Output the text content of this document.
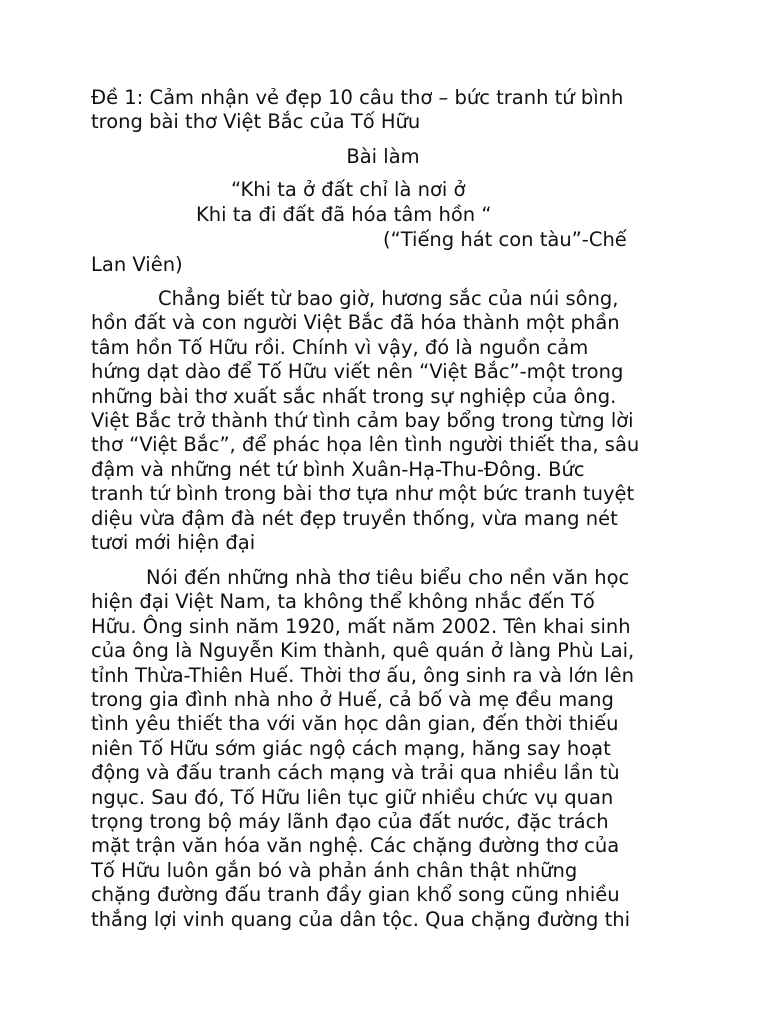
Đề 1: Cảm nhận vẻ đẹp 10 câu thơ – bức tranh tứ bình
trong bài thơ Việt Bắc của Tố Hữu
Bài làm
“Khi ta ở đất chỉ là nơi ở
Khi ta đi đất đã hóa tâm hồn “
(“Tiếng hát con tàu”-Chế
Lan Viên)
Chẳng biết từ bao giờ, hương sắc của núi sông,
hồn đất và con người Việt Bắc đã hóa thành một phần
tâm hồn Tố Hữu rồi. Chính vì vậy, đó là nguồn cảm
hứng dạt dào để Tố Hữu viết nên “Việt Bắc”-một trong
những bài thơ xuất sắc nhất trong sự nghiệp của ông.
Việt Bắc trở thành thứ tình cảm bay bổng trong từng lời
thơ “Việt Bắc”, để phác họa lên tình người thiết tha, sâu
đậm và những nét tứ bình Xuân-Hạ-Thu-Đông. Bức
tranh tứ bình trong bài thơ tựa như một bức tranh tuyệt
diệu vừa đậm đà nét đẹp truyền thống, vừa mang nét
tươi mới hiện đại
Nói đến những nhà thơ tiêu biểu cho nền văn học
hiện đại Việt Nam, ta không thể không nhắc đến Tố
Hữu. Ông sinh năm 1920, mất năm 2002. Tên khai sinh
của ông là Nguyễn Kim thành, quê quán ở làng Phù Lai,
tỉnh Thừa-Thiên Huế. Thời thơ ấu, ông sinh ra và lớn lên
trong gia đình nhà nho ở Huế, cả bố và mẹ đều mang
tình yêu thiết tha với văn học dân gian, đến thời thiếu
niên Tố Hữu sớm giác ngộ cách mạng, hăng say hoạt
động và đấu tranh cách mạng và trải qua nhiều lần tù
ngục. Sau đó, Tố Hữu liên tục giữ nhiều chức vụ quan
trọng trong bộ máy lãnh đạo của đất nước, đặc trách
mặt trận văn hóa văn nghệ. Các chặng đường thơ của
Tố Hữu luôn gắn bó và phản ánh chân thật những
chặng đường đấu tranh đầy gian khổ song cũng nhiều
thắng lợi vinh quang của dân tộc. Qua chặng đường thi
